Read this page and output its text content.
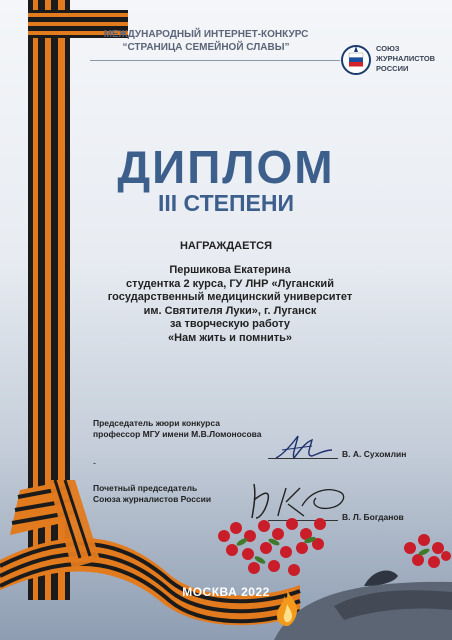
МЕЖДУНАРОДНЫЙ ИНТЕРНЕТ-КОНКУРС
“СТРАНИЦА СЕМЕЙНОЙ СЛАВЫ”	СОЮЗ
ЖУРНАЛИСТОВ
РОССИИ
ДИПЛОМ
III СТЕПЕНИ
НАГРАЖДАЕТСЯ
Першикова Екатерина
студентка 2 курса, ГУ ЛНР «Луганский
государственный медицинский университет
им. Святителя Луки», г. Луганск
за творческую работу
«Нам жить и помнить»
Председатель жюри конкурса
профессор МГУ имени М.В.Ломоносова
В. А. Сухомлин
-
Почетный председатель
Союза журналистов России
В. Л. Богданов
МОСКВА 2022
